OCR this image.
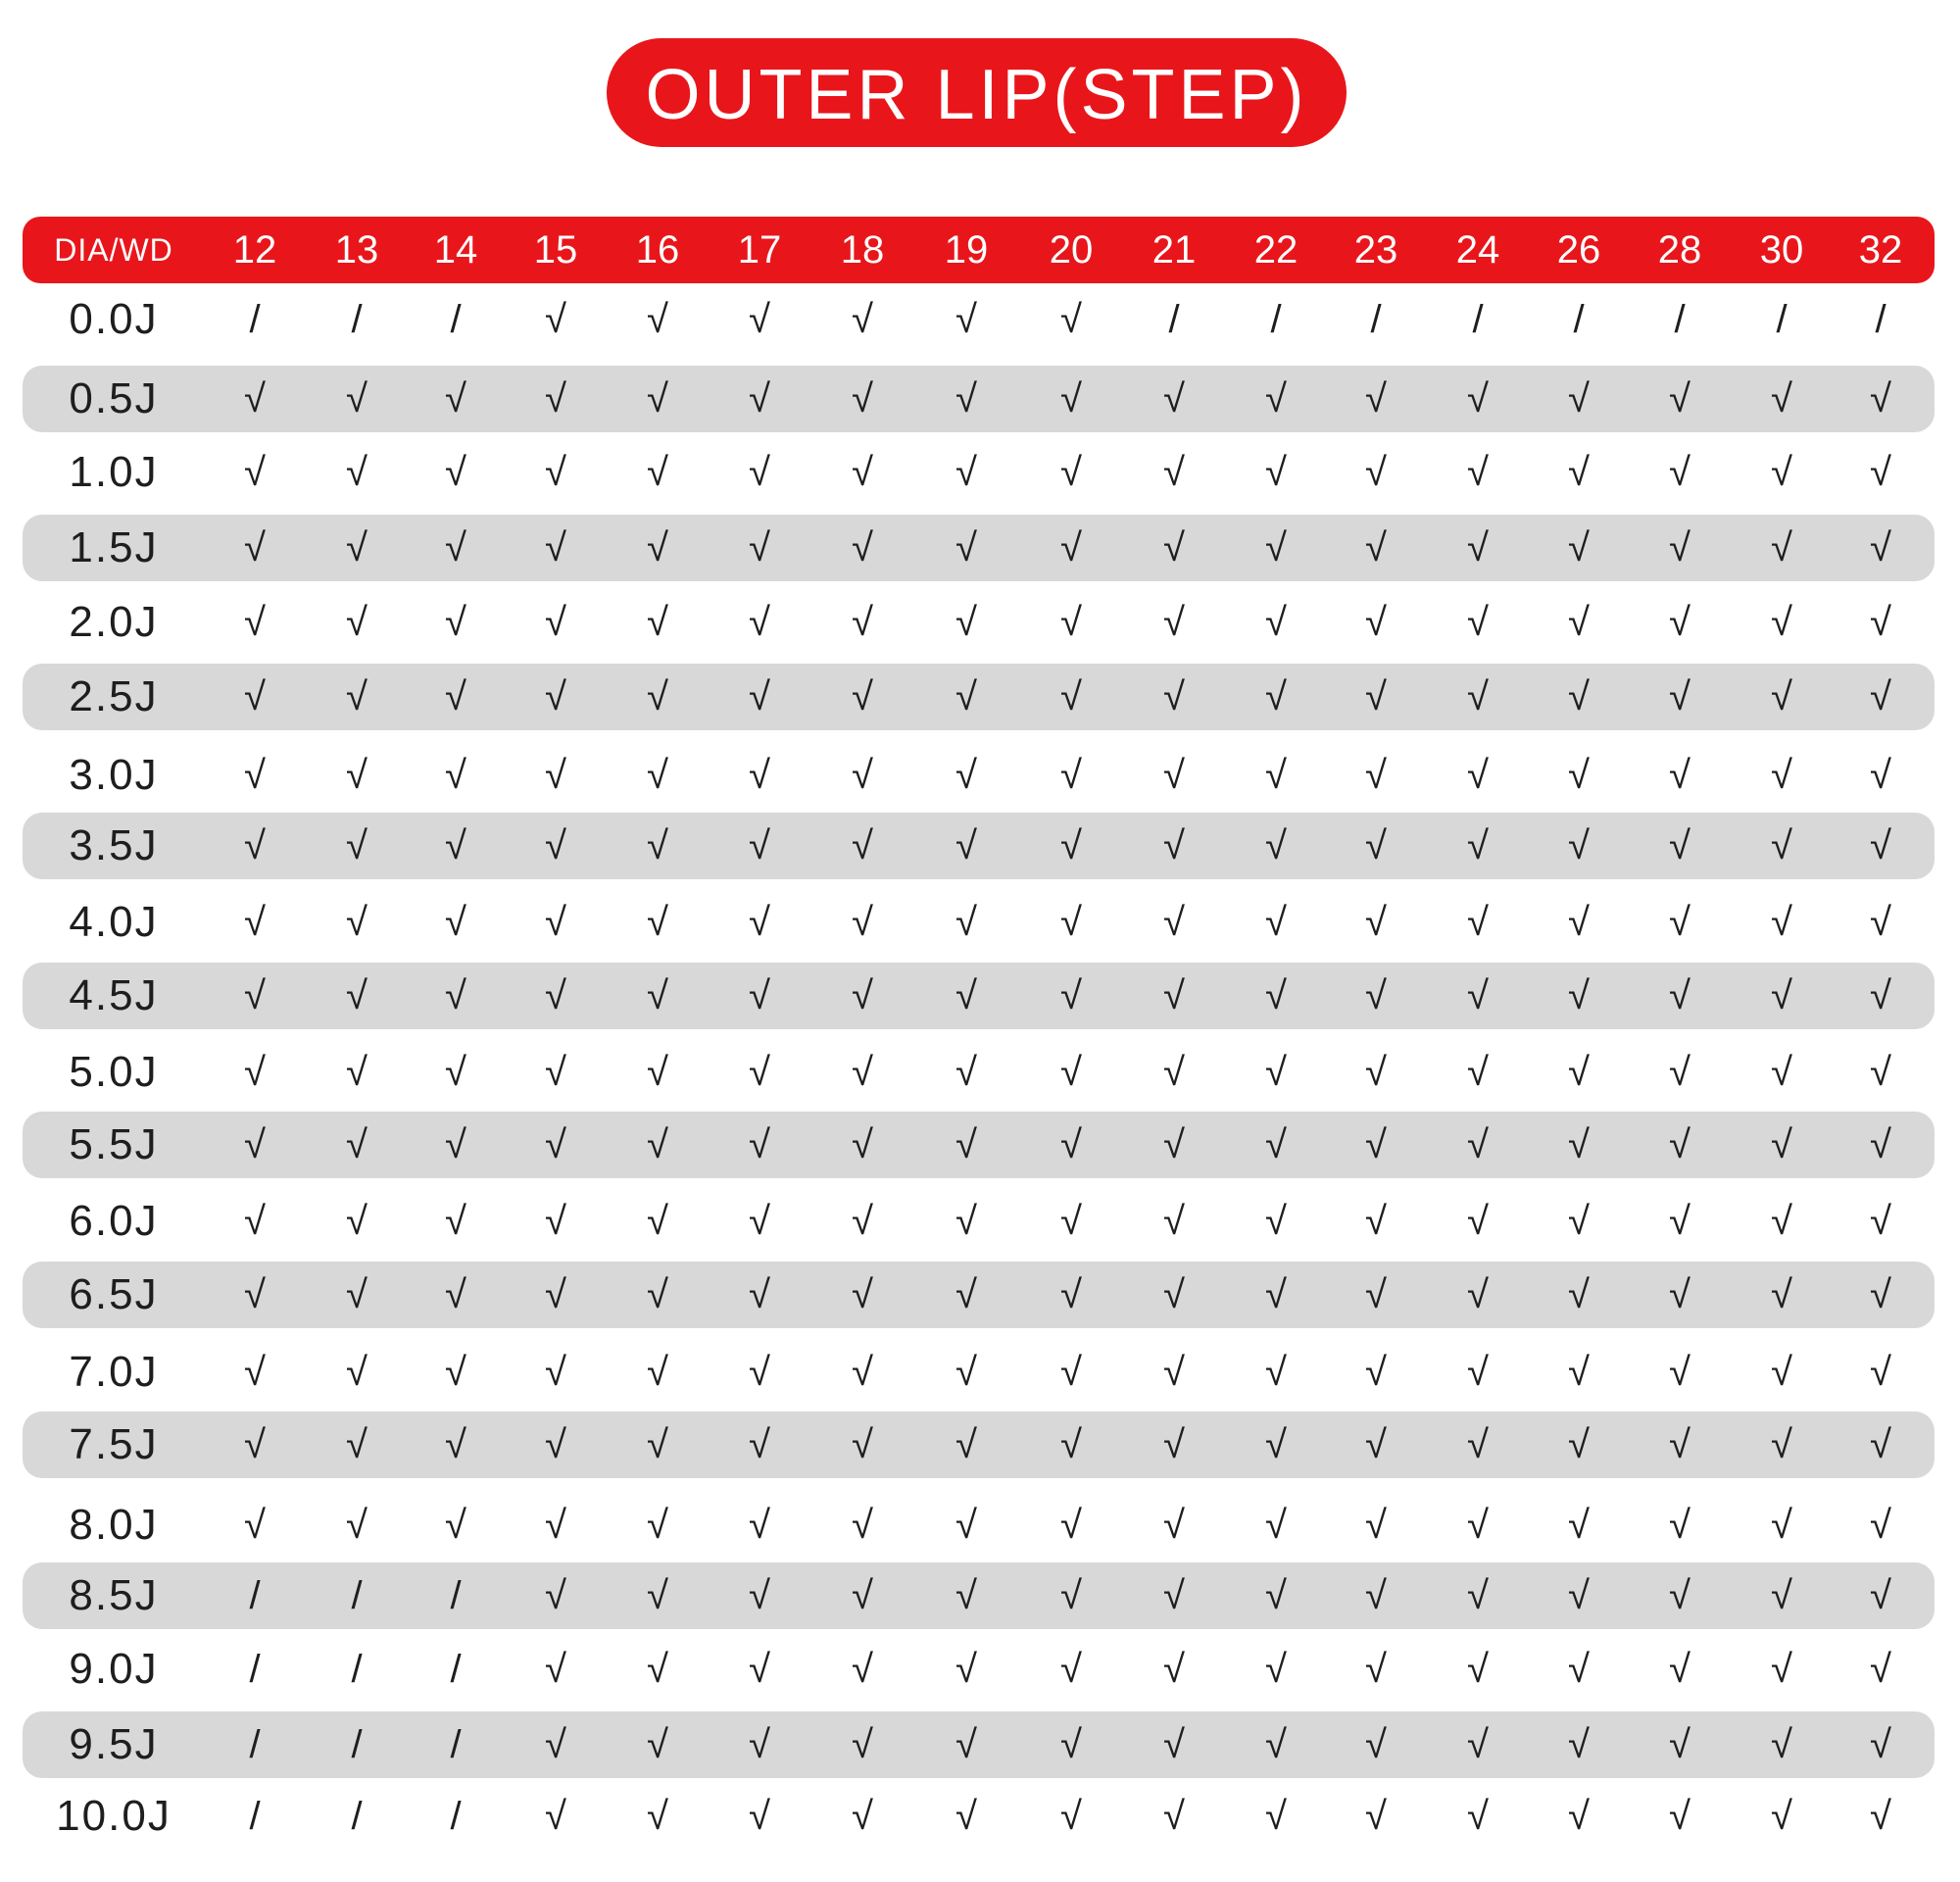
OUTER LIP(STEP)
DIA/WD 12 13 14 15 16 17 18 19 20 21 22 23 24 26 28 30 32
0.0J / / / √ √ √ √ √ √ / / / / / / / /
0.5J √ √ √ √ √ √ √ √ √ √ √ √ √ √ √ √ √
1.0J √ √ √ √ √ √ √ √ √ √ √ √ √ √ √ √ √
1.5J √ √ √ √ √ √ √ √ √ √ √ √ √ √ √ √ √
2.0J √ √ √ √ √ √ √ √ √ √ √ √ √ √ √ √ √
2.5J √ √ √ √ √ √ √ √ √ √ √ √ √ √ √ √ √
3.0J √ √ √ √ √ √ √ √ √ √ √ √ √ √ √ √ √
3.5J √ √ √ √ √ √ √ √ √ √ √ √ √ √ √ √ √
4.0J √ √ √ √ √ √ √ √ √ √ √ √ √ √ √ √ √
4.5J √ √ √ √ √ √ √ √ √ √ √ √ √ √ √ √ √
5.0J √ √ √ √ √ √ √ √ √ √ √ √ √ √ √ √ √
5.5J √ √ √ √ √ √ √ √ √ √ √ √ √ √ √ √ √
6.0J √ √ √ √ √ √ √ √ √ √ √ √ √ √ √ √ √
6.5J √ √ √ √ √ √ √ √ √ √ √ √ √ √ √ √ √
7.0J √ √ √ √ √ √ √ √ √ √ √ √ √ √ √ √ √
7.5J √ √ √ √ √ √ √ √ √ √ √ √ √ √ √ √ √
8.0J √ √ √ √ √ √ √ √ √ √ √ √ √ √ √ √ √
8.5J / / / √ √ √ √ √ √ √ √ √ √ √ √ √ √
9.0J / / / √ √ √ √ √ √ √ √ √ √ √ √ √ √
9.5J / / / √ √ √ √ √ √ √ √ √ √ √ √ √ √
10.0J / / / √ √ √ √ √ √ √ √ √ √ √ √ √ √
